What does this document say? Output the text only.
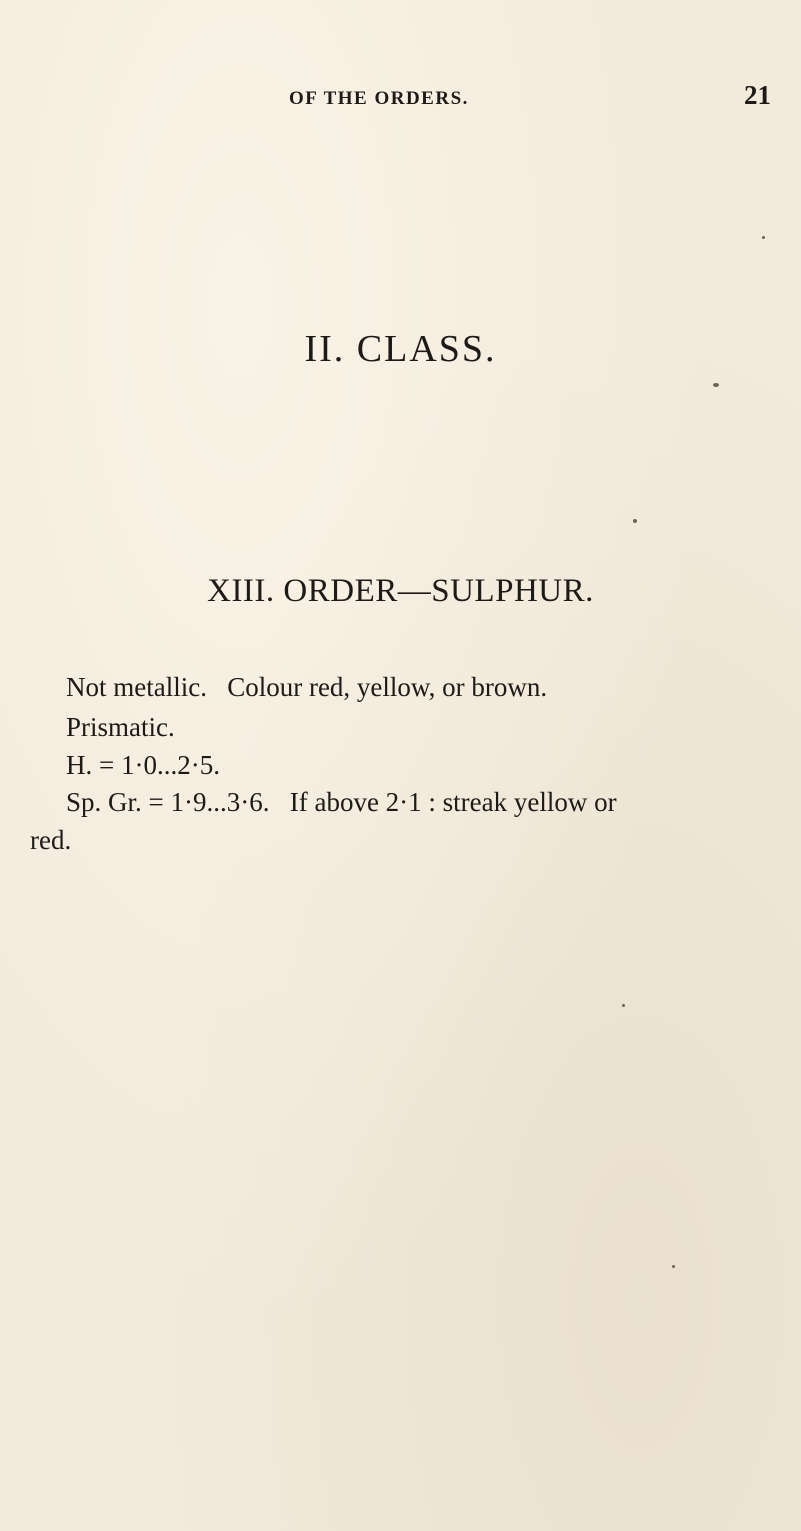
OF THE ORDERS.	21
II. CLASS.
XIII. ORDER—SULPHUR.
Not metallic.   Colour red, yellow, or brown.
Prismatic.
H. = 1·0...2·5.
Sp. Gr. = 1·9...3·6.   If above 2·1 : streak yellow or
red.
